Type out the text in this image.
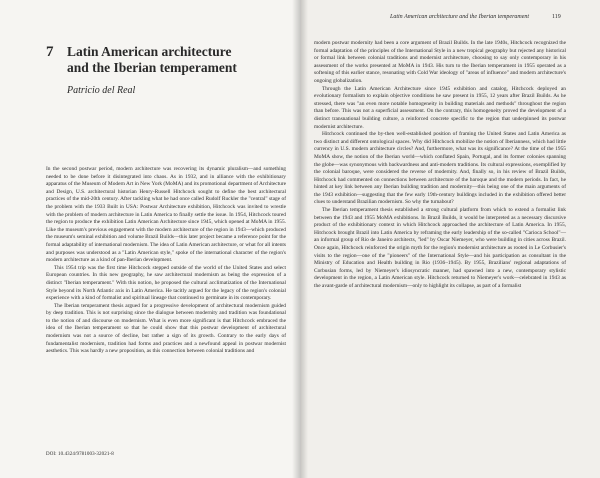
7 Latin American architecture
and the Iberian temperament
Patricio del Real

In the second postwar period, modern architecture was recovering its dynamic pluralism—and something needed to be done before it disintegrated into chaos. As in 1932, and in alliance with the exhibitionary apparatus of the Museum of Modern Art in New York (MoMA) and its promotional department of Architecture and Design, U.S. architectural historian Henry-Russell Hitchcock sought to define the best architectural practices of the mid-20th century. After tackling what he had once called Rudolf Ruckler the "central" stage of the problem with the 1933 Built in USA: Postwar Architecture exhibition, Hitchcock was invited to wrestle with the problem of modern architecture in Latin America to finally settle the issue. In 1954, Hitchcock toured the region to produce the exhibition Latin American Architecture since 1945, which opened at MoMA in 1955. Like the museum's previous engagement with the modern architecture of the region in 1943—which produced the museum's seminal exhibition and volume Brazil Builds—this later project became a reference point for the formal adaptability of international modernism. The idea of Latin American architecture, or what for all intents and purposes was understood as a "Latin American style," spoke of the international character of the region's modern architecture as a kind of pan-Iberian development.

This 1954 trip was the first time Hitchcock stepped outside of the world of the United States and select European countries. In this new geography, he saw architectural modernism as being the expression of a distinct "Iberian temperament." With this notion, he proposed the cultural acclimatization of the International Style beyond its North Atlantic axis in Latin America. He tacitly argued for the legacy of the region's colonial experience with a kind of formalist and spiritual lineage that continued to germinate in its contemporary.

The Iberian temperament thesis argued for a progressive development of architectural modernism guided by deep tradition. This is not surprising since the dialogue between modernity and tradition was foundational to the notion of and discourse on modernism. What is even more significant is that Hitchcock embraced the idea of the Iberian temperament so that he could show that this postwar development of architectural modernism was not a source of decline, but rather a sign of its growth. Contrary to the early days of fundamentalist modernism, tradition had forms and practices and a newfound appeal in postwar modernist aesthetics. This was hardly a new proposition, as this connection between colonial traditions and

DOI: 10.4324/9781003-32021-8
Latin American architecture and the Iberian temperament	119

modern postwar modernity had been a core argument of Brazil Builds. In the late 1940s, Hitchcock recognized the formal adaptation of the principles of the International Style in a new tropical geography but rejected any historical or formal link between colonial traditions and modernist architecture, choosing to say only contemporary in his assessment of the works presented at MoMA in 1943. His turn to the Iberian temperament in 1955 operated as a softening of this earlier stance, resonating with Cold War ideology of "areas of influence" and modern architecture's ongoing globalization.

Through the Latin American Architecture since 1945 exhibition and catalog, Hitchcock deployed an evolutionary formalism to explain objective conditions he saw present in 1955, 12 years after Brazil Builds. As he stressed, there was "an even more notable homogeneity in building materials and methods" throughout the region than before. This was not a superficial assessment. On the contrary, this homogeneity proved the development of a distinct transnational building culture, a reinforced concrete specific to the region that underpinned its postwar modernist architecture.

Hitchcock continued the by-then well-established position of framing the United States and Latin America as two distinct and different ontological spaces. Why did Hitchcock mobilize the notion of Iberianness, which had little currency in U.S. modern architecture circles? And, furthermore, what was its significance? At the time of the 1955 MoMA show, the notion of the Iberian world—which conflated Spain, Portugal, and its former colonies spanning the globe—was synonymous with backwardness and anti-modern traditions. Its cultural expressions, exemplified by the colonial baroque, were considered the reverse of modernity. And, finally so, in his review of Brazil Builds, Hitchcock had commented on connections between architecture of the baroque and the modern periods. In fact, he hinted at key link between any Iberian building tradition and modernity—this being one of the main arguments of the 1943 exhibition—suggesting that the few early 19th-century buildings included in the exhibition offered better clues to understand Brazilian modernism. So why the turnabout?

The Iberian temperament thesis established a strong cultural platform from which to extend a formalist link between the 1943 and 1955 MoMA exhibitions. In Brazil Builds, it would be interpreted as a necessary discursive product of the exhibitionary context in which Hitchcock approached the architecture of Latin America. In 1955, Hitchcock brought Brazil into Latin America by reframing the early leadership of the so-called "Carioca School"—an informal group of Rio de Janeiro architects, "led" by Oscar Niemeyer, who were building in cities across Brazil. Once again, Hitchcock reinforced the origin myth for the region's modernist architecture as rooted in Le Corbusier's visits to the region—one of the "pioneers" of the International Style—and his participation as consultant in the Ministry of Education and Health building in Rio (1936–1945). By 1955, Brazilians' regional adaptations of Corbusian forms, led by Niemeyer's idiosyncratic manner, had spawned into a new, contemporary stylistic development in the region, a Latin American style. Hitchcock returned to Niemeyer's work—celebrated in 1943 as the avant-garde of architectural modernism—only to highlight its collapse, as part of a formalist
